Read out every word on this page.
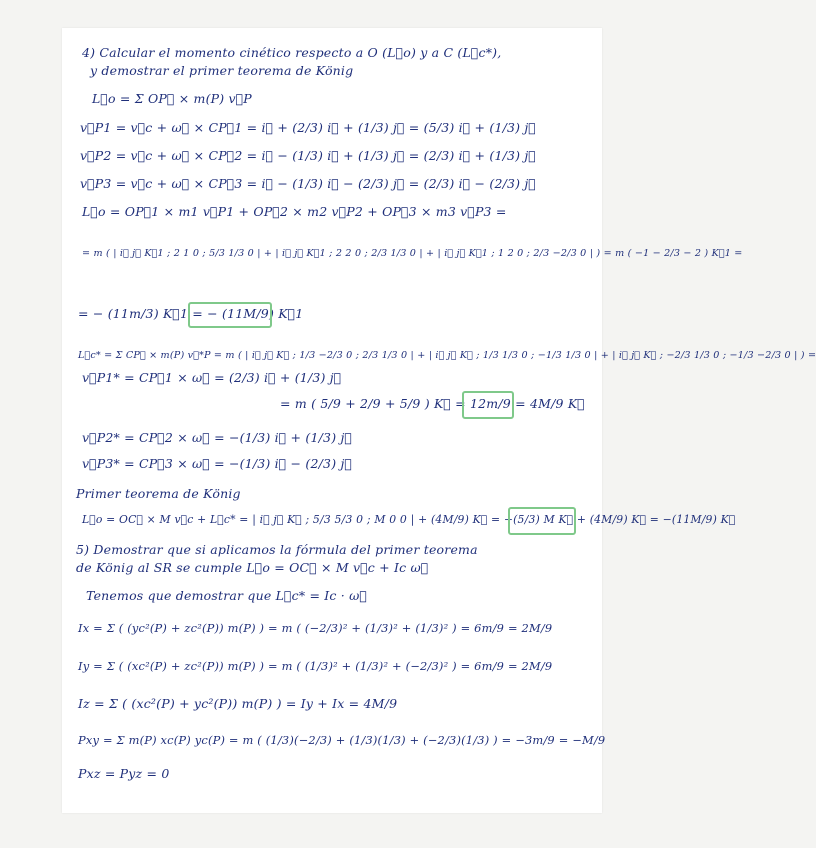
4) Calcular el momento cinético respecto a O (L⃗o) y a C (L⃗c*),
y demostrar el primer teorema de König
L⃗o = Σ OP⃗ × m(P) v⃗P
v⃗P1 = v⃗c + ω⃗ × CP⃗1 = i⃗ + (2/3) i⃗ + (1/3) j⃗ = (5/3) i⃗ + (1/3) j⃗
v⃗P2 = v⃗c + ω⃗ × CP⃗2 = i⃗ − (1/3) i⃗ + (1/3) j⃗ = (2/3) i⃗ + (1/3) j⃗
v⃗P3 = v⃗c + ω⃗ × CP⃗3 = i⃗ − (1/3) i⃗ − (2/3) j⃗ = (2/3) i⃗ − (2/3) j⃗
L⃗o = OP⃗1 × m1 v⃗P1 + OP⃗2 × m2 v⃗P2 + OP⃗3 × m3 v⃗P3 =
= m ( | i⃗ j⃗ K⃗1 ; 2 1 0 ; 5/3 1/3 0 | + | i⃗ j⃗ K⃗1 ; 2 2 0 ; 2/3 1/3 0 | + | i⃗ j⃗ K⃗1 ; 1 2 0 ; 2/3 −2/3 0 | ) = m ( −1 − 2/3 − 2 ) K⃗1 =
= − (11m/3) K⃗1 = − (11M/9) K⃗1
L⃗c* = Σ CP⃗ × m(P) v⃗*P = m ( | i⃗ j⃗ K⃗ ; 1/3 −2/3 0 ; 2/3 1/3 0 | + | i⃗ j⃗ K⃗ ; 1/3 1/3 0 ; −1/3 1/3 0 | + | i⃗ j⃗ K⃗ ; −2/3 1/3 0 ; −1/3 −2/3 0 | ) =
v⃗P1* = CP⃗1 × ω⃗ = (2/3) i⃗ + (1/3) j⃗
= m ( 5/9 + 2/9 + 5/9 ) K⃗ = 12m/9 = 4M/9 K⃗
v⃗P2* = CP⃗2 × ω⃗ = −(1/3) i⃗ + (1/3) j⃗
v⃗P3* = CP⃗3 × ω⃗ = −(1/3) i⃗ − (2/3) j⃗
Primer teorema de König
L⃗o = OC⃗ × M v⃗c + L⃗c* = | i⃗ j⃗ K⃗ ; 5/3 5/3 0 ; M 0 0 | + (4M/9) K⃗ = −(5/3) M K⃗ + (4M/9) K⃗ = −(11M/9) K⃗
5) Demostrar que si aplicamos la fórmula del primer teorema
de König al SR se cumple L⃗o = OC⃗ × M v⃗c + Ic ω⃗
Tenemos que demostrar que L⃗c* = Ic · ω⃗
Ix = Σ ( (yc²(P) + zc²(P)) m(P) ) = m ( (−2/3)² + (1/3)² + (1/3)² ) = 6m/9 = 2M/9
Iy = Σ ( (xc²(P) + zc²(P)) m(P) ) = m ( (1/3)² + (1/3)² + (−2/3)² ) = 6m/9 = 2M/9
Iz = Σ ( (xc²(P) + yc²(P)) m(P) ) = Iy + Ix = 4M/9
Pxy = Σ m(P) xc(P) yc(P) = m ( (1/3)(−2/3) + (1/3)(1/3) + (−2/3)(1/3) ) = −3m/9 = −M/9
Pxz = Pyz = 0
